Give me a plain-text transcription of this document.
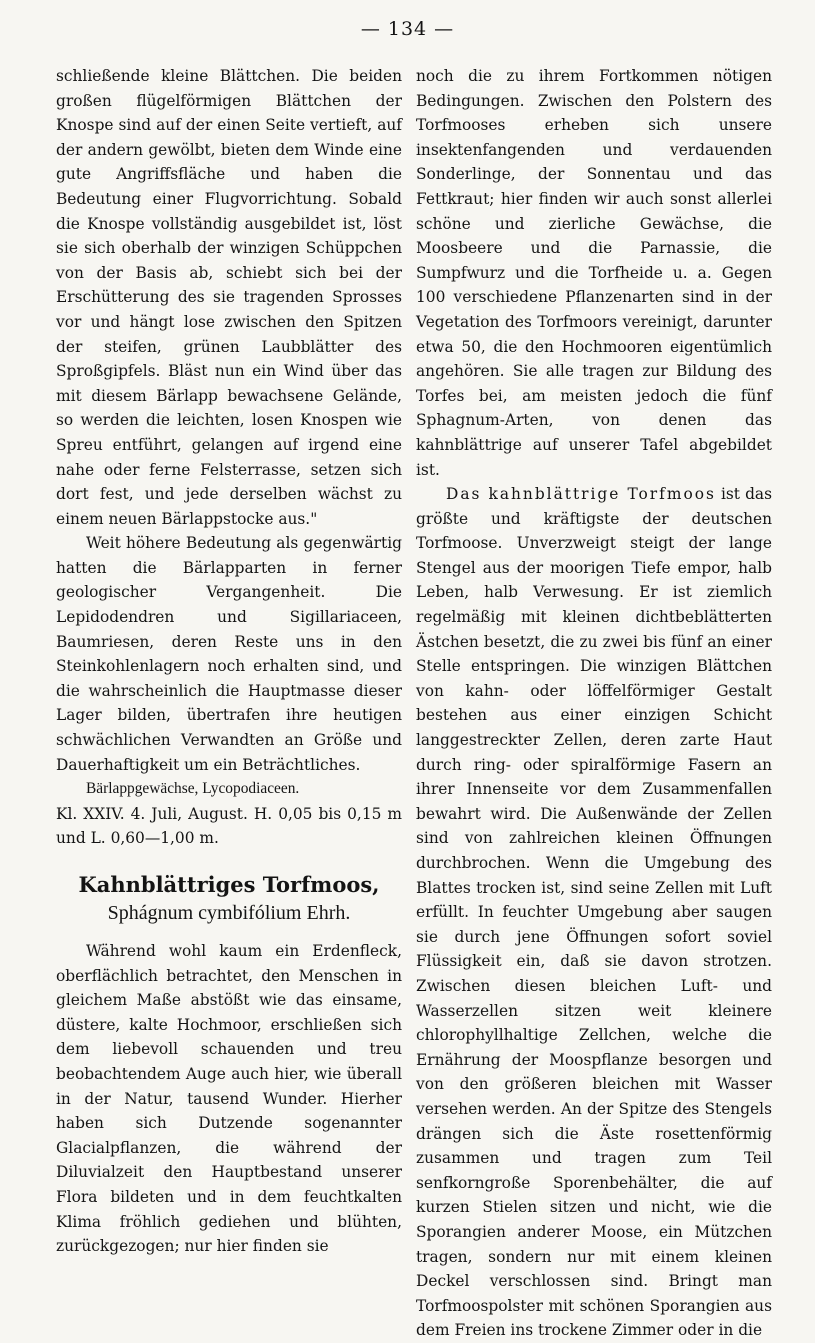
— 134 —

schließende kleine Blättchen. Die beiden großen flügelförmigen Blättchen der Knospe sind auf der einen Seite vertieft, auf der andern gewölbt, bieten dem Winde eine gute Angriffsfläche und haben die Bedeutung einer Flugvorrichtung. Sobald die Knospe vollständig ausgebildet ist, löst sie sich oberhalb der winzigen Schüppchen von der Basis ab, schiebt sich bei der Erschütterung des sie tragenden Sprosses vor und hängt lose zwischen den Spitzen der steifen, grünen Laubblätter des Sproßgipfels. Bläst nun ein Wind über das mit diesem Bärlapp bewachsene Gelände, so werden die leichten, losen Knospen wie Spreu entführt, gelangen auf irgend eine nahe oder ferne Felsterrasse, setzen sich dort fest, und jede derselben wächst zu einem neuen Bärlappstocke aus."

Weit höhere Bedeutung als gegenwärtig hatten die Bärlapparten in ferner geologischer Vergangenheit. Die Lepidodendren und Sigillariaceen, Baumriesen, deren Reste uns in den Steinkohlenlagern noch erhalten sind, und die wahrscheinlich die Hauptmasse dieser Lager bilden, übertrafen ihre heutigen schwächlichen Verwandten an Größe und Dauerhaftigkeit um ein Beträchtliches.

Bärlappgewächse, Lycopodiaceen.

Kl. XXIV. 4. Juli, August. H. 0,05 bis 0,15 m und L. 0,60—1,00 m.

Kahnblättriges Torfmoos, Sphágnum cymbifólium Ehrh.

Während wohl kaum ein Erdenfleck, oberflächlich betrachtet, den Menschen in gleichem Maße abstößt wie das einsame, düstere, kalte Hochmoor, erschließen sich dem liebevoll schauenden und treu beobachtendem Auge auch hier, wie überall in der Natur, tausend Wunder. Hierher haben sich Dutzende sogenannter Glacialpflanzen, die während der Diluvialzeit den Hauptbestand unserer Flora bildeten und in dem feuchtkalten Klima fröhlich gediehen und blühten, zurückgezogen; nur hier finden sie

noch die zu ihrem Fortkommen nötigen Bedingungen. Zwischen den Polstern des Torfmooses erheben sich unsere insektenfangenden und verdauenden Sonderlinge, der Sonnentau und das Fettkraut; hier finden wir auch sonst allerlei schöne und zierliche Gewächse, die Moosbeere und die Parnassie, die Sumpfwurz und die Torfheide u. a. Gegen 100 verschiedene Pflanzenarten sind in der Vegetation des Torfmoors vereinigt, darunter etwa 50, die den Hochmooren eigentümlich angehören. Sie alle tragen zur Bildung des Torfes bei, am meisten jedoch die fünf Sphagnum-Arten, von denen das kahnblättrige auf unserer Tafel abgebildet ist.

Das kahnblättrige Torfmoos ist das größte und kräftigste der deutschen Torfmoose. Unverzweigt steigt der lange Stengel aus der moorigen Tiefe empor, halb Leben, halb Verwesung. Er ist ziemlich regelmäßig mit kleinen dichtbeblätterten Ästchen besetzt, die zu zwei bis fünf an einer Stelle entspringen. Die winzigen Blättchen von kahn- oder löffelförmiger Gestalt bestehen aus einer einzigen Schicht langgestreckter Zellen, deren zarte Haut durch ring- oder spiralförmige Fasern an ihrer Innenseite vor dem Zusammenfallen bewahrt wird. Die Außenwände der Zellen sind von zahlreichen kleinen Öffnungen durchbrochen. Wenn die Umgebung des Blattes trocken ist, sind seine Zellen mit Luft erfüllt. In feuchter Umgebung aber saugen sie durch jene Öffnungen sofort soviel Flüssigkeit ein, daß sie davon strotzen. Zwischen diesen bleichen Luft- und Wasserzellen sitzen weit kleinere chlorophyllhaltige Zellchen, welche die Ernährung der Moospflanze besorgen und von den größeren bleichen mit Wasser versehen werden. An der Spitze des Stengels drängen sich die Äste rosettenförmig zusammen und tragen zum Teil senfkorngroße Sporenbehälter, die auf kurzen Stielen sitzen und nicht, wie die Sporangien anderer Moose, ein Mützchen tragen, sondern nur mit einem kleinen Deckel verschlossen sind. Bringt man Torfmoospolster mit schönen Sporangien aus dem Freien ins trockene Zimmer oder in die
